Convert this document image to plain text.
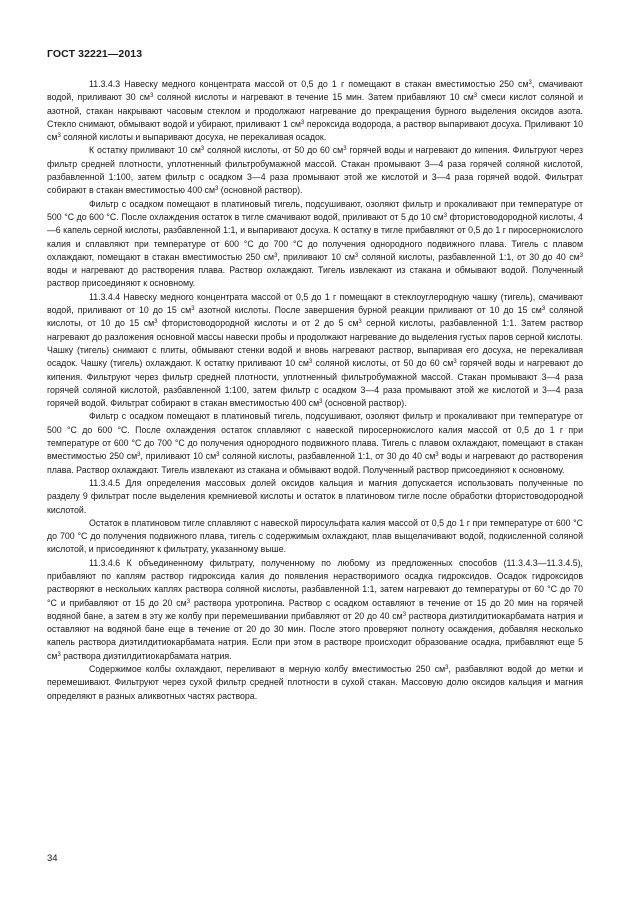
ГОСТ 32221—2013

11.3.4.3 Навеску медного концентрата массой от 0,5 до 1 г помещают в стакан вместимостью 250 $см^3$, смачивают водой, приливают 30 $см^3$ соляной кислоты и нагревают в течение 15 мин. Затем прибавляют 10 $см^3$ смеси кислот соляной и азотной, стакан накрывают часовым стеклом и продолжают нагревание до прекращения бурного выделения оксидов азота. Стекло снимают, обмывают водой и убирают, приливают 1 $см^3$ пероксида водорода, а раствор выпаривают досуха. Приливают 10 $см^3$ соляной кислоты и выпаривают досуха, не перекаливая осадок.

К остатку приливают 10 $см^3$ соляной кислоты, от 50 до 60 $см^3$ горячей воды и нагревают до кипения. Фильтруют через фильтр средней плотности, уплотненный фильтробумажной массой. Стакан промывают 3—4 раза горячей соляной кислотой, разбавленной 1:100, затем фильтр с осадком 3—4 раза промывают этой же кислотой и 3—4 раза горячей водой. Фильтрат собирают в стакан вместимостью 400 $см^3$ (основной раствор).

Фильтр с осадком помещают в платиновый тигель, подсушивают, озоляют фильтр и прокаливают при температуре от 500 °C до 600 °C. После охлаждения остаток в тигле смачивают водой, приливают от 5 до 10 $см^3$ фтористоводородной кислоты, 4—6 капель серной кислоты, разбавленной 1:1, и выпаривают досуха. К остатку в тигле прибавляют от 0,5 до 1 г пиросернокислого калия и сплавляют при температуре от 600 °C до 700 °C до получения однородного подвижного плава. Тигель с плавом охлаждают, помещают в стакан вместимостью 250 $см^3$, приливают 10 $см^3$ соляной кислоты, разбавленной 1:1, от 30 до 40 $см^3$ воды и нагревают до растворения плава. Раствор охлаждают. Тигель извлекают из стакана и обмывают водой. Полученный раствор присоединяют к основному.

11.3.4.4 Навеску медного концентрата массой от 0,5 до 1 г помещают в стеклоуглеродную чашку (тигель), смачивают водой, приливают от 10 до 15 $см^3$ азотной кислоты. После завершения бурной реакции приливают от 10 до 15 $см^3$ соляной кислоты, от 10 до 15 $см^3$ фтористоводородной кислоты и от 2 до 5 $см^3$ серной кислоты, разбавленной 1:1. Затем раствор нагревают до разложения основной массы навески пробы и продолжают нагревание до выделения густых паров серной кислоты. Чашку (тигель) снимают с плиты, обмывают стенки водой и вновь нагревают раствор, выпаривая его досуха, не перекаливая осадок. Чашку (тигель) охлаждают. К остатку приливают 10 $см^3$ соляной кислоты, от 50 до 60 $см^3$ горячей воды и нагревают до кипения. Фильтруют через фильтр средней плотности, уплотненный фильтробумажной массой. Стакан промывают 3—4 раза горячей соляной кислотой, разбавленной 1:100, затем фильтр с осадком 3—4 раза промывают этой же кислотой и 3—4 раза горячей водой. Фильтрат собирают в стакан вместимостью 400 $см^3$ (основной раствор).

Фильтр с осадком помещают в платиновый тигель, подсушивают, озоляют фильтр и прокаливают при температуре от 500 °C до 600 °C. После охлаждения остаток сплавляют с навеской пиросернокислого калия массой от 0,5 до 1 г при температуре от 600 °C до 700 °C до получения однородного подвижного плава. Тигель с плавом охлаждают, помещают в стакан вместимостью 250 $см^3$, приливают 10 $см^3$ соляной кислоты, разбавленной 1:1, от 30 до 40 $см^3$ воды и нагревают до растворения плава. Раствор охлаждают. Тигель извлекают из стакана и обмывают водой. Полученный раствор присоединяют к основному.

11.3.4.5 Для определения массовых долей оксидов кальция и магния допускается использовать полученные по разделу 9 фильтрат после выделения кремниевой кислоты и остаток в платиновом тигле после обработки фтористоводородной кислотой.

Остаток в платиновом тигле сплавляют с навеской пиросульфата калия массой от 0,5 до 1 г при температуре от 600 °C до 700 °C до получения подвижного плава, тигель с содержимым охлаждают, плав выщелачивают водой, подкисленной соляной кислотой, и присоединяют к фильтрату, указанному выше.

11.3.4.6 К объединенному фильтрату, полученному по любому из предложенных способов (11.3.4.3—11.3.4.5), прибавляют по каплям раствор гидроксида калия до появления нерастворимого осадка гидроксидов. Осадок гидроксидов растворяют в нескольких каплях раствора соляной кислоты, разбавленной 1:1, затем нагревают до температуры от 60 °C до 70 °C и прибавляют от 15 до 20 $см^3$ раствора уротропина. Раствор с осадком оставляют в течение от 15 до 20 мин на горячей водяной бане, а затем в эту же колбу при перемешивании прибавляют от 20 до 40 $см^3$ раствора диэтилдитиокарбамата натрия и оставляют на водяной бане еще в течение от 20 до 30 мин. После этого проверяют полноту осаждения, добавляя несколько капель раствора диэтилдитиокарбамата натрия. Если при этом в растворе происходит образование осадка, прибавляют еще 5 $см^3$ раствора диэтилдитиокарбамата натрия.

Содержимое колбы охлаждают, переливают в мерную колбу вместимостью 250 $см^3$, разбавляют водой до метки и перемешивают. Фильтруют через сухой фильтр средней плотности в сухой стакан. Массовую долю оксидов кальция и магния определяют в разных аликвотных частях раствора.

34
